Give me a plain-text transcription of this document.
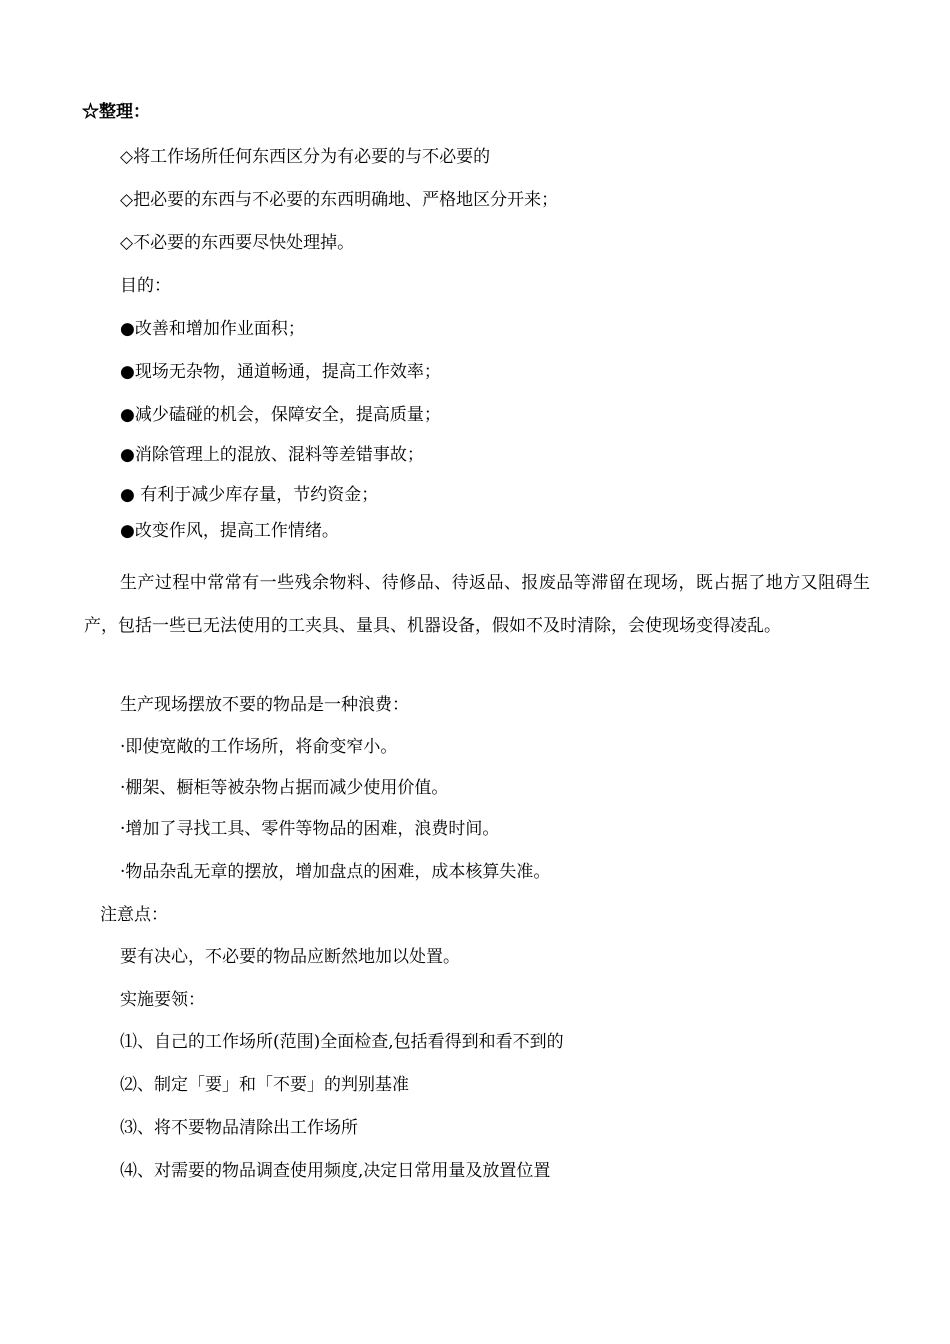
☆整理：
◇将工作场所任何东西区分为有必要的与不必要的
◇把必要的东西与不必要的东西明确地、严格地区分开来；
◇不必要的东西要尽快处理掉。
目的：
●改善和增加作业面积；
●现场无杂物，通道畅通，提高工作效率；
●减少磕碰的机会，保障安全，提高质量；
●消除管理上的混放、混料等差错事故；
● 有利于减少库存量，节约资金；
●改变作风，提高工作情绪。
生产过程中常常有一些残余物料、待修品、待返品、报废品等滞留在现场，既占据了地方又阻碍生产，包括一些已无法使用的工夹具、量具、机器设备，假如不及时清除，会使现场变得凌乱。
生产现场摆放不要的物品是一种浪费：
·即使宽敞的工作场所，将俞变窄小。
·棚架、橱柜等被杂物占据而减少使用价值。
·增加了寻找工具、零件等物品的困难，浪费时间。
·物品杂乱无章的摆放，增加盘点的困难，成本核算失准。
注意点：
要有决心，不必要的物品应断然地加以处置。
实施要领：
⑴、自己的工作场所(范围)全面检查,包括看得到和看不到的
⑵、制定「要」和「不要」的判别基准
⑶、将不要物品清除出工作场所
⑷、对需要的物品调查使用频度,决定日常用量及放置位置
